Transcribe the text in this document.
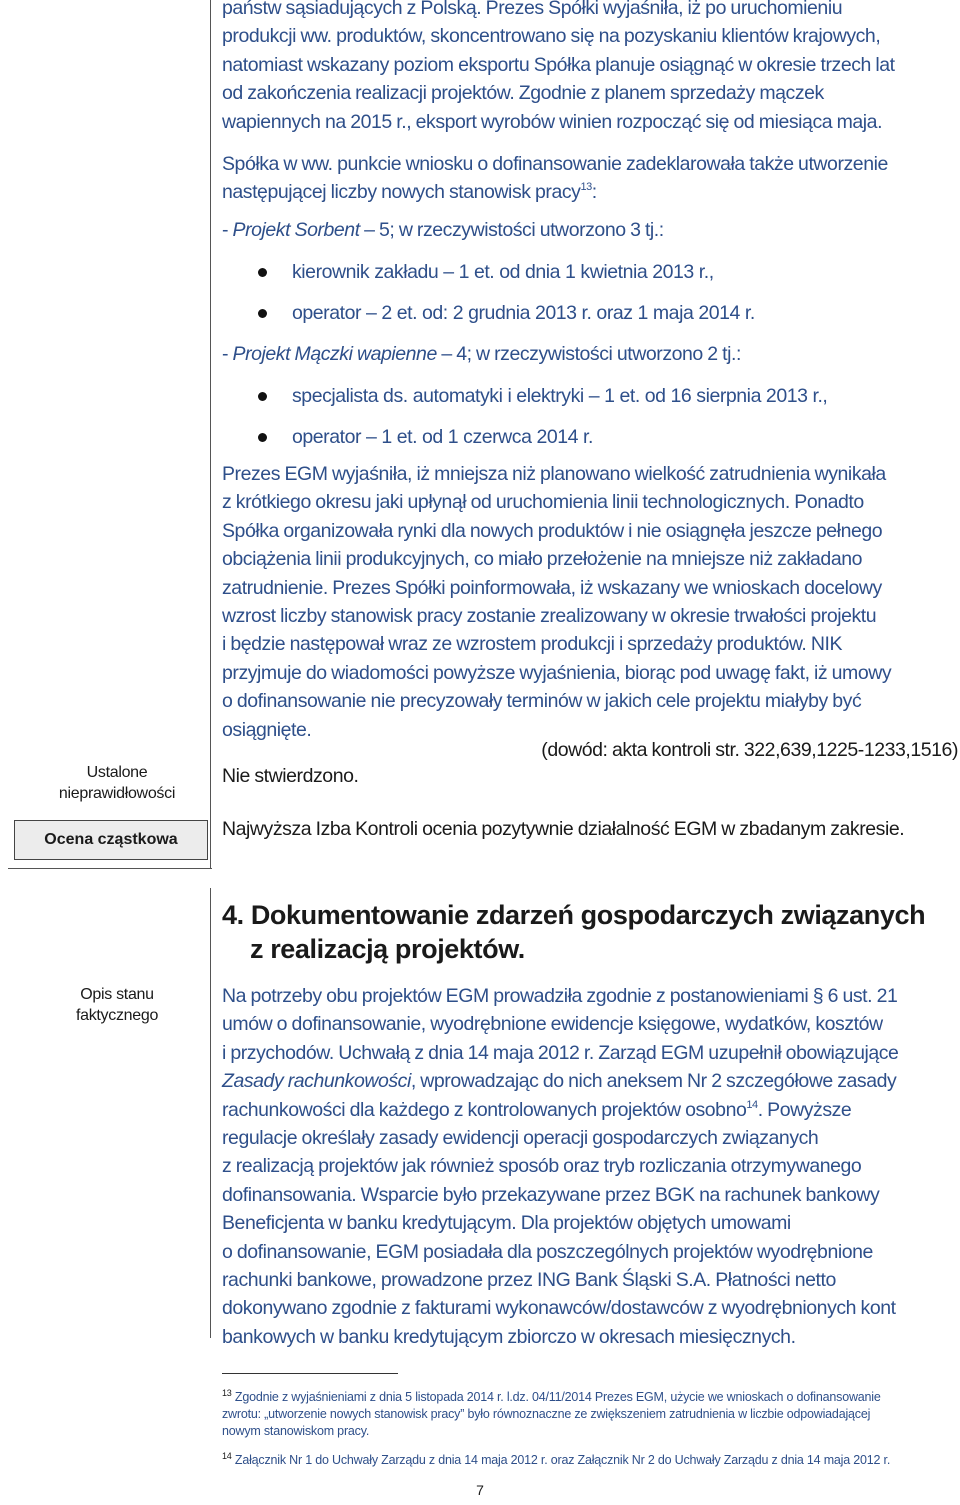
państw sąsiadujących z Polską. Prezes Spółki wyjaśniła, iż po uruchomieniu
produkcji ww. produktów, skoncentrowano się na pozyskaniu klientów krajowych,
natomiast wskazany poziom eksportu Spółka planuje osiągnąć w okresie trzech lat
od zakończenia realizacji projektów. Zgodnie z planem sprzedaży mączek
wapiennych na 2015 r., eksport wyrobów winien rozpocząć się od miesiąca maja.
Spółka w ww. punkcie wniosku o dofinansowanie zadeklarowała także utworzenie
następującej liczby nowych stanowisk pracy$^{13}$:
- Projekt Sorbent – 5; w rzeczywistości utworzono 3 tj.:
kierownik zakładu – 1 et. od dnia 1 kwietnia 2013 r.,
operator – 2 et. od: 2 grudnia 2013 r. oraz 1 maja 2014 r.
- Projekt Mączki wapienne – 4; w rzeczywistości utworzono 2 tj.:
specjalista ds. automatyki i elektryki – 1 et. od 16 sierpnia 2013 r.,
operator – 1 et. od 1 czerwca 2014 r.
Prezes EGM wyjaśniła, iż mniejsza niż planowano wielkość zatrudnienia wynikała
z krótkiego okresu jaki upłynął od uruchomienia linii technologicznych. Ponadto
Spółka organizowała rynki dla nowych produktów i nie osiągnęła jeszcze pełnego
obciążenia linii produkcyjnych, co miało przełożenie na mniejsze niż zakładano
zatrudnienie. Prezes Spółki poinformowała, iż wskazany we wnioskach docelowy
wzrost liczby stanowisk pracy zostanie zrealizowany w okresie trwałości projektu
i będzie następował wraz ze wzrostem produkcji i sprzedaży produktów. NIK
przyjmuje do wiadomości powyższe wyjaśnienia, biorąc pod uwagę fakt, iż umowy
o dofinansowanie nie precyzowały terminów w jakich cele projektu miałyby być
osiągnięte.
(dowód: akta kontroli str. 322,639,1225-1233,1516)
Ustalone
nieprawidłowości
Nie stwierdzono.
Ocena cząstkowa	Najwyższa Izba Kontroli ocenia pozytywnie działalność EGM w zbadanym zakresie.
4. Dokumentowanie zdarzeń gospodarczych związanych
z realizacją projektów.
Opis stanu
faktycznego
Na potrzeby obu projektów EGM prowadziła zgodnie z postanowieniami § 6 ust. 21
umów o dofinansowanie, wyodrębnione ewidencje księgowe, wydatków, kosztów
i przychodów. Uchwałą z dnia 14 maja 2012 r. Zarząd EGM uzupełnił obowiązujące
Zasady rachunkowości, wprowadzając do nich aneksem Nr 2 szczegółowe zasady
rachunkowości dla każdego z kontrolowanych projektów osobno$^{14}$. Powyższe
regulacje określały zasady ewidencji operacji gospodarczych związanych
z realizacją projektów jak również sposób oraz tryb rozliczania otrzymywanego
dofinansowania. Wsparcie było przekazywane przez BGK na rachunek bankowy
Beneficjenta w banku kredytującym. Dla projektów objętych umowami
o dofinansowanie, EGM posiadała dla poszczególnych projektów wyodrębnione
rachunki bankowe, prowadzone przez ING Bank Śląski S.A. Płatności netto
dokonywano zgodnie z fakturami wykonawców/dostawców z wyodrębnionych kont
bankowych w banku kredytującym zbiorczo w okresach miesięcznych.
$^{13}$ Zgodnie z wyjaśnieniami z dnia 5 listopada 2014 r. l.dz. 04/11/2014 Prezes EGM, użycie we wnioskach o dofinansowanie
zwrotu: „utworzenie nowych stanowisk pracy” było równoznaczne ze zwiększeniem zatrudnienia w liczbie odpowiadającej
nowym stanowiskom pracy.
$^{14}$ Załącznik Nr 1 do Uchwały Zarządu z dnia 14 maja 2012 r. oraz Załącznik Nr 2 do Uchwały Zarządu z dnia 14 maja 2012 r.
7
